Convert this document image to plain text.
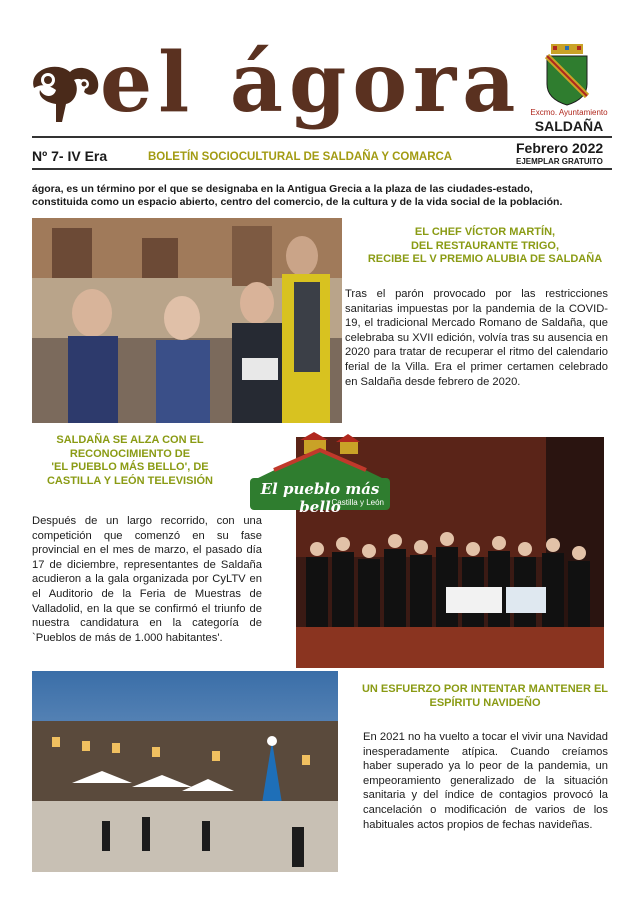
el ágora	Excmo. Ayuntamiento
SALDAÑA
Nº 7- IV Era	BOLETÍN SOCIOCULTURAL DE SALDAÑA Y COMARCA
Febrero 2022
EJEMPLAR GRATUITO
ágora, es un término por el que se designaba en la Antigua Grecia a la plaza de las ciudades-estado,
constituida como un espacio abierto, centro del comercio, de la cultura y de la vida social de la población.
EL CHEF VÍCTOR MARTÍN,
DEL RESTAURANTE TRIGO,
RECIBE EL V PREMIO ALUBIA DE SALDAÑA
Tras el parón provocado por las restricciones sanitarias impuestas por la pandemia de la COVID-19, el tradicional Mercado Romano de Saldaña, que celebraba su XVII edición, volvía tras su ausencia en 2020 para tratar de recuperar el ritmo del calendario ferial de la Villa. Era el primer certamen celebrado en Saldaña desde febrero de 2020.
SALDAÑA SE ALZA CON EL
RECONOCIMIENTO DE
'EL PUEBLO MÁS BELLO', DE
CASTILLA Y LEÓN TELEVISIÓN
Después de un largo recorrido, con una competición que comenzó en su fase provincial en el mes de marzo, el pasado día 17 de diciembre, representantes de Saldaña acudieron a la gala organizada por CyLTV en el Auditorio de la Feria de Muestras de Valladolid, en la que se confirmó el triunfo de nuestra candidatura en la categoría de `Pueblos de más de 1.000 habitantes'.
El pueblo más bello
Castilla y León
UN ESFUERZO POR INTENTAR MANTENER EL
ESPÍRITU NAVIDEÑO
En 2021 no ha vuelto a tocar el vivir una Navidad inesperadamente atípica. Cuando creíamos haber superado ya lo peor de la pandemia, un empeoramiento generalizado de la situación sanitaria y del índice de contagios provocó la cancelación o modificación de varios de los habituales actos propios de fechas navideñas.
